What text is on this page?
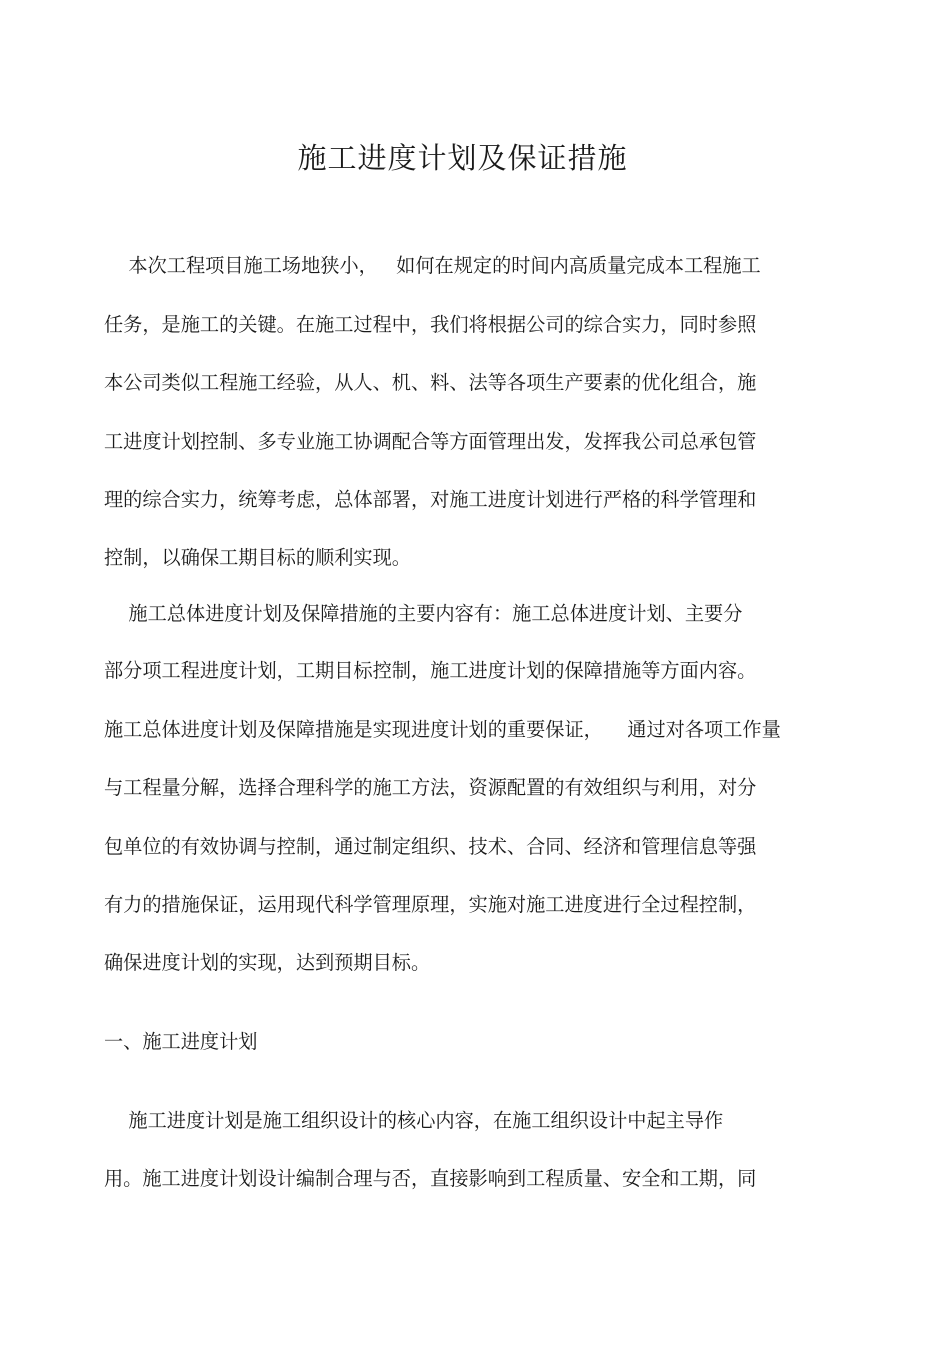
施工进度计划及保证措施
本次工程项目施工场地狭小，   如何在规定的时间内高质量完成本工程施工
任务，是施工的关键。在施工过程中，我们将根据公司的综合实力，同时参照
本公司类似工程施工经验，从人、机、料、法等各项生产要素的优化组合，施
工进度计划控制、多专业施工协调配合等方面管理出发，发挥我公司总承包管
理的综合实力，统筹考虑，总体部署，对施工进度计划进行严格的科学管理和
控制，以确保工期目标的顺利实现。
施工总体进度计划及保障措施的主要内容有：施工总体进度计划、主要分
部分项工程进度计划，工期目标控制，施工进度计划的保障措施等方面内容。
施工总体进度计划及保障措施是实现进度计划的重要保证，    通过对各项工作量
与工程量分解，选择合理科学的施工方法，资源配置的有效组织与利用，对分
包单位的有效协调与控制，通过制定组织、技术、合同、经济和管理信息等强
有力的措施保证，运用现代科学管理原理，实施对施工进度进行全过程控制，
确保进度计划的实现，达到预期目标。
一、施工进度计划
施工进度计划是施工组织设计的核心内容，在施工组织设计中起主导作
用。施工进度计划设计编制合理与否，直接影响到工程质量、安全和工期，同
